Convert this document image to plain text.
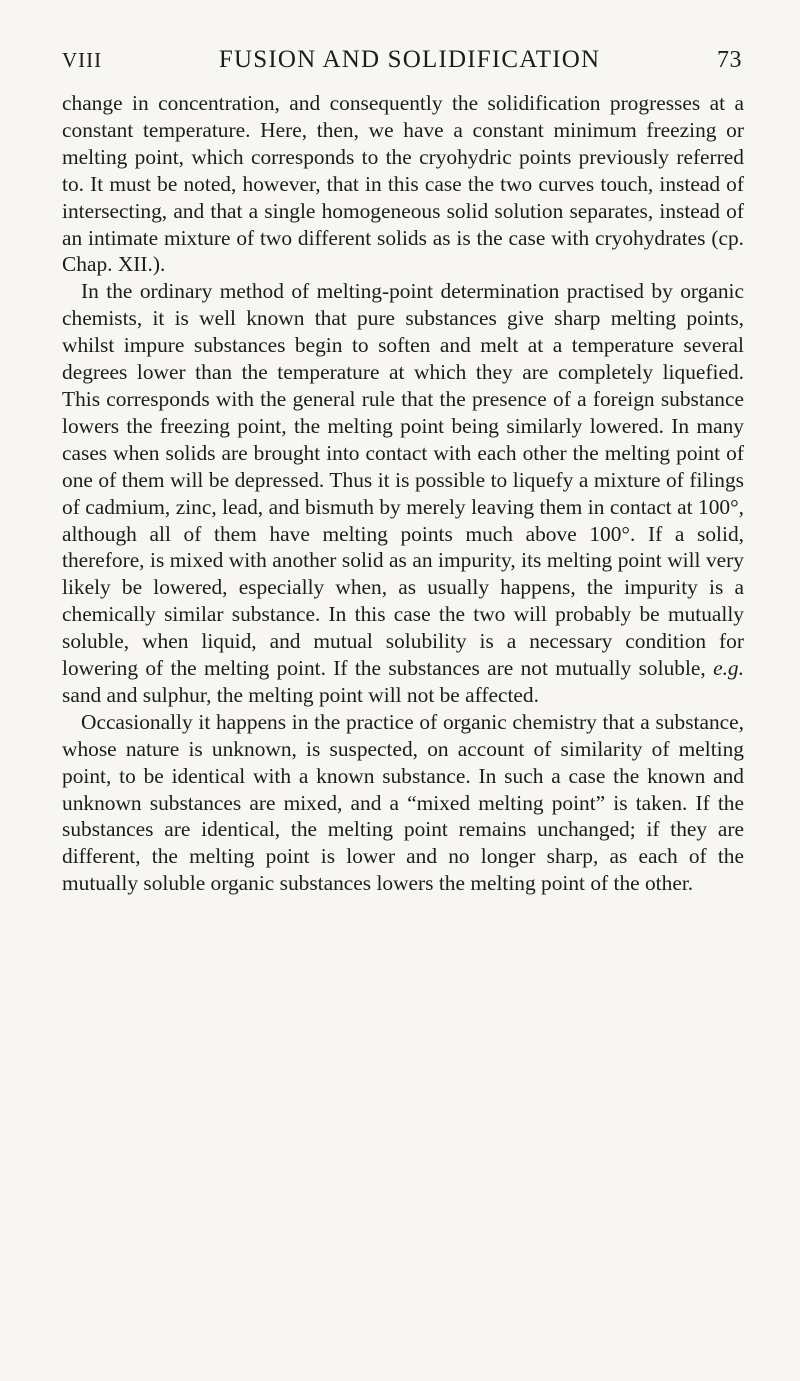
VIII	FUSION AND SOLIDIFICATION	73

change in concentration, and consequently the solidification progresses at a constant temperature. Here, then, we have a constant minimum freezing or melting point, which corresponds to the cryohydric points previously referred to. It must be noted, however, that in this case the two curves touch, instead of intersecting, and that a single homogeneous solid solution separates, instead of an intimate mixture of two different solids as is the case with cryohydrates (cp. Chap. XII.).

In the ordinary method of melting-point determination practised by organic chemists, it is well known that pure substances give sharp melting points, whilst impure substances begin to soften and melt at a temperature several degrees lower than the temperature at which they are completely liquefied. This corresponds with the general rule that the presence of a foreign substance lowers the freezing point, the melting point being similarly lowered. In many cases when solids are brought into contact with each other the melting point of one of them will be depressed. Thus it is possible to liquefy a mixture of filings of cadmium, zinc, lead, and bismuth by merely leaving them in contact at 100°, although all of them have melting points much above 100°. If a solid, therefore, is mixed with another solid as an impurity, its melting point will very likely be lowered, especially when, as usually happens, the impurity is a chemically similar substance. In this case the two will probably be mutually soluble, when liquid, and mutual solubility is a necessary condition for lowering of the melting point. If the substances are not mutually soluble, e.g. sand and sulphur, the melting point will not be affected.

Occasionally it happens in the practice of organic chemistry that a substance, whose nature is unknown, is suspected, on account of similarity of melting point, to be identical with a known substance. In such a case the known and unknown substances are mixed, and a “mixed melting point” is taken. If the substances are identical, the melting point remains unchanged; if they are different, the melting point is lower and no longer sharp, as each of the mutually soluble organic substances lowers the melting point of the other.
